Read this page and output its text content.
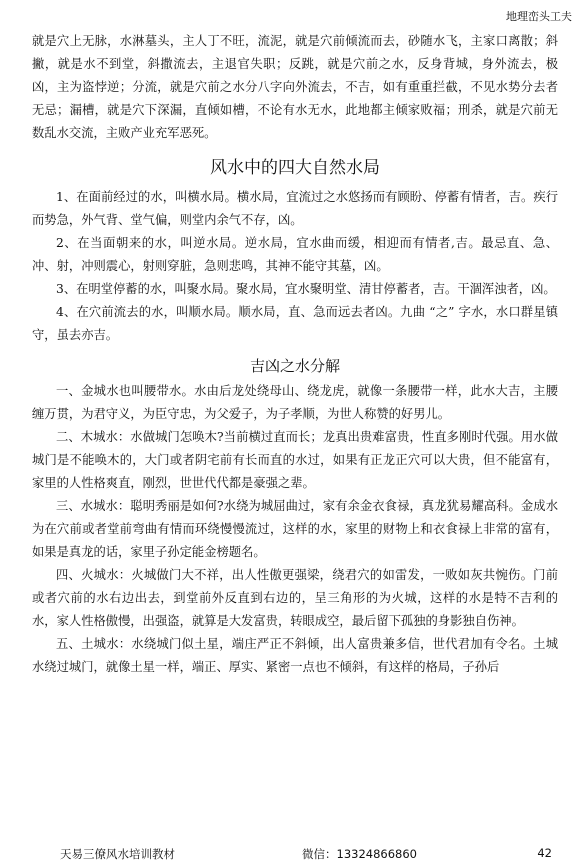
地理峦头工夫

就是穴上无脉，水淋墓头，主人丁不旺，流泥，就是穴前倾流而去，砂随水飞，主家口离散；斜撇，就是水不到堂，斜撒流去，主退官失职；反跳，就是穴前之水，反身背城，身外流去，极凶，主为盗悖逆；分流，就是穴前之水分八字向外流去，不吉，如有重重拦截，不见水势分去者无忌；漏槽，就是穴下深漏，直倾如槽，不论有水无水，此地都主倾家败福；刑杀，就是穴前无数乱水交流，主败产业充军恶死。

风水中的四大自然水局

1、在面前经过的水，叫横水局。横水局，宜流过之水悠扬而有顾盼、停蓄有情者，吉。疾行而势急，外气背、堂气偏，则堂内余气不存，凶。

2、在当面朝来的水，叫逆水局。逆水局，宜水曲而缓，相迎而有情者,吉。最忌直、急、冲、射，冲则震心，射则穿脏，急则悲鸣，其神不能守其墓，凶。

3、在明堂停蓄的水，叫聚水局。聚水局，宜水聚明堂、清甘停蓄者，吉。干涸浑浊者，凶。

4、在穴前流去的水，叫顺水局。顺水局，直、急而远去者凶。九曲 “之” 字水，水口群星镇守，虽去亦吉。

吉凶之水分解

一、金城水也叫腰带水。水由后龙处绕母山、绕龙虎，就像一条腰带一样，此水大吉，主腰缠万贯，为君守义，为臣守忠，为父爱子，为子孝顺，为世人称赞的好男儿。

二、木城水：水做城门怎唤木?当前横过直而长；龙真出贵难富贵，性直多刚时代强。用水做城门是不能唤木的，大门或者阴宅前有长而直的水过，如果有正龙正穴可以大贵，但不能富有，家里的人性格爽直，刚烈，世世代代都是豪强之辈。

三、水城水：聪明秀丽是如何?水绕为城屈曲过，家有余金衣食禄，真龙犹易耀高科。金成水为在穴前或者堂前弯曲有情而环绕慢慢流过，这样的水，家里的财物上和衣食禄上非常的富有，如果是真龙的话，家里子孙定能金榜题名。

四、火城水：火城做门大不祥，出人性傲更强梁，绕君穴的如雷发，一败如灰共惋伤。门前或者穴前的水右边出去，到堂前外反直到右边的，呈三角形的为火城，这样的水是特不吉利的水，家人性格傲慢，出强盗，就算是大发富贵，转眼成空，最后留下孤独的身影独自伤神。

五、土城水：水绕城门似土星，端庄严正不斜倾，出人富贵兼多信，世代君加有令名。土城水绕过城门，就像土星一样，端正、厚实、紧密一点也不倾斜，有这样的格局，子孙后

天易三僚风水培训教材	微信：13324866860	42
